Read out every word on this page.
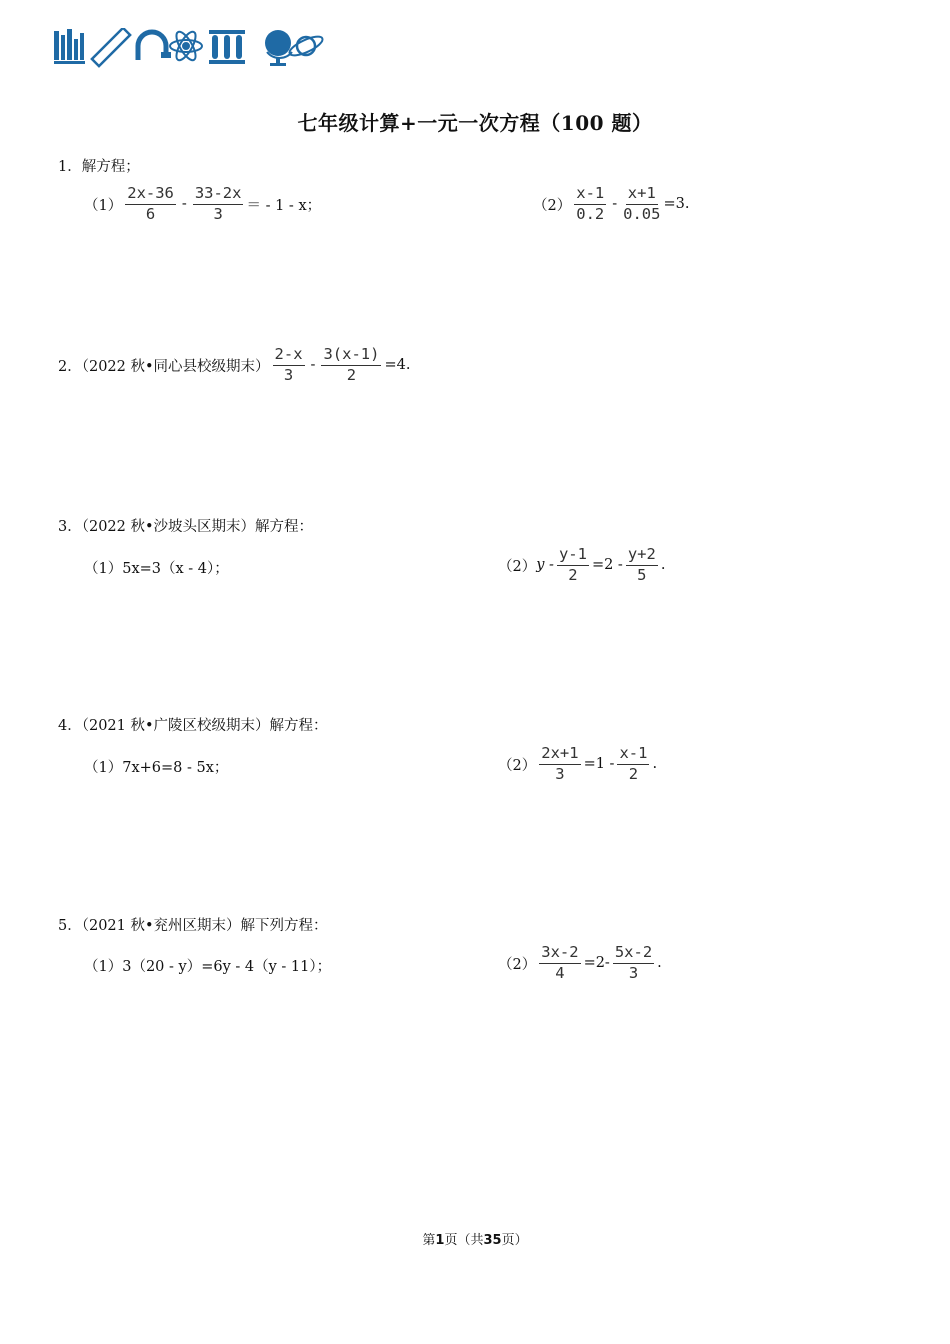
七年级计算+一元一次方程（100 题）
1．解方程；
$(1) \frac{2x-36}{6} - \frac{33-2x}{3}$ ＝ - 1 - x；	$(2) \frac{x-1}{0.2} - \frac{x+1}{0.05} =3$.
2．（2022 秋•同心县校级期末） $\frac{2-x}{3} - \frac{3(x-1)}{2} =4$.
3．（2022 秋•沙坡头区期末）解方程：
（1）5x=3（x - 4）；	（2） $y - \frac{y-1}{2} =2 - \frac{y+2}{5}$ .
4．（2021 秋•广陵区校级期末）解方程：
（1）7x+6=8 - 5x；	$(2) \frac{2x+1}{3} =1 - \frac{x-1}{2}$ .
5．（2021 秋•兖州区期末）解下列方程：
（1）3（20 - y）=6y - 4（y - 11）；	$(2) \frac{3x-2}{4} =2- \frac{5x-2}{3}$ .
第1页（共35页）
